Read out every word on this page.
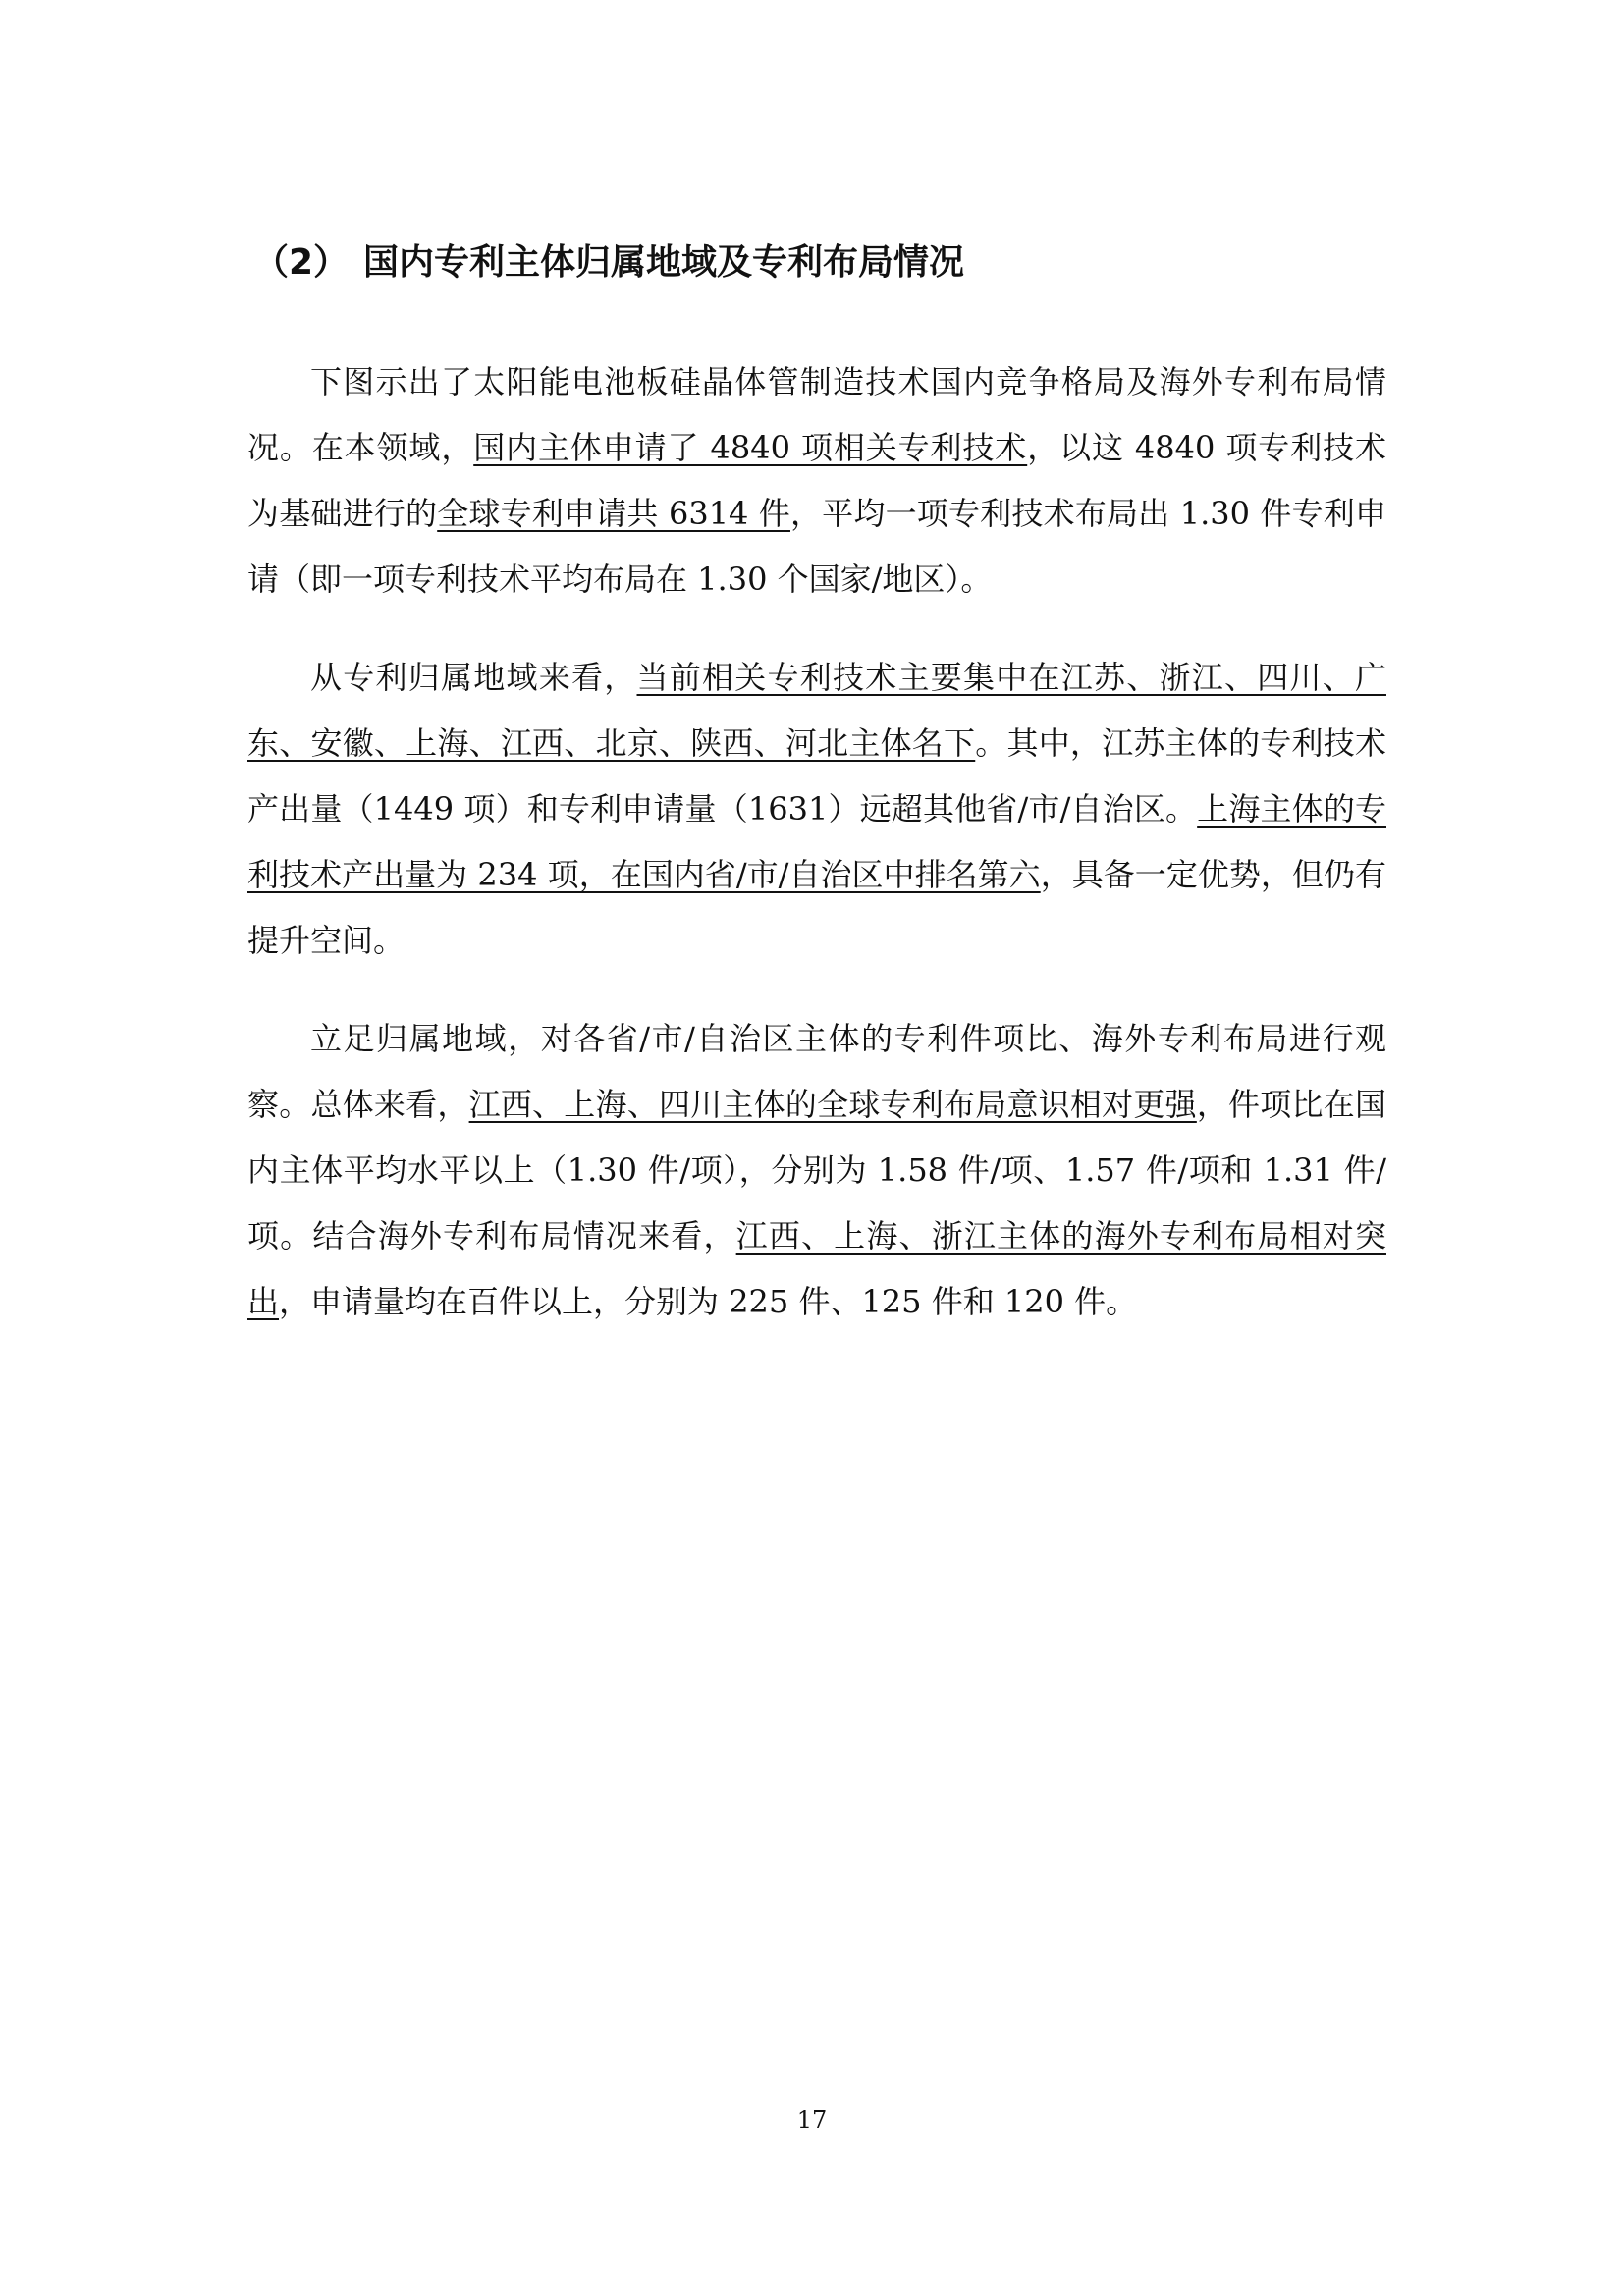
（2） 国内专利主体归属地域及专利布局情况

下图示出了太阳能电池板硅晶体管制造技术国内竞争格局及海外专利布局情况。在本领域，国内主体申请了 4840 项相关专利技术，以这 4840 项专利技术为基础进行的全球专利申请共 6314 件，平均一项专利技术布局出 1.30 件专利申请（即一项专利技术平均布局在 1.30 个国家/地区）。

从专利归属地域来看，当前相关专利技术主要集中在江苏、浙江、四川、广东、安徽、上海、江西、北京、陕西、河北主体名下。其中，江苏主体的专利技术产出量（1449 项）和专利申请量（1631）远超其他省/市/自治区。上海主体的专利技术产出量为 234 项，在国内省/市/自治区中排名第六，具备一定优势，但仍有提升空间。

立足归属地域，对各省/市/自治区主体的专利件项比、海外专利布局进行观察。总体来看，江西、上海、四川主体的全球专利布局意识相对更强，件项比在国内主体平均水平以上（1.30 件/项），分别为 1.58 件/项、1.57 件/项和 1.31 件/项。结合海外专利布局情况来看，江西、上海、浙江主体的海外专利布局相对突出，申请量均在百件以上，分别为 225 件、125 件和 120 件。

17
